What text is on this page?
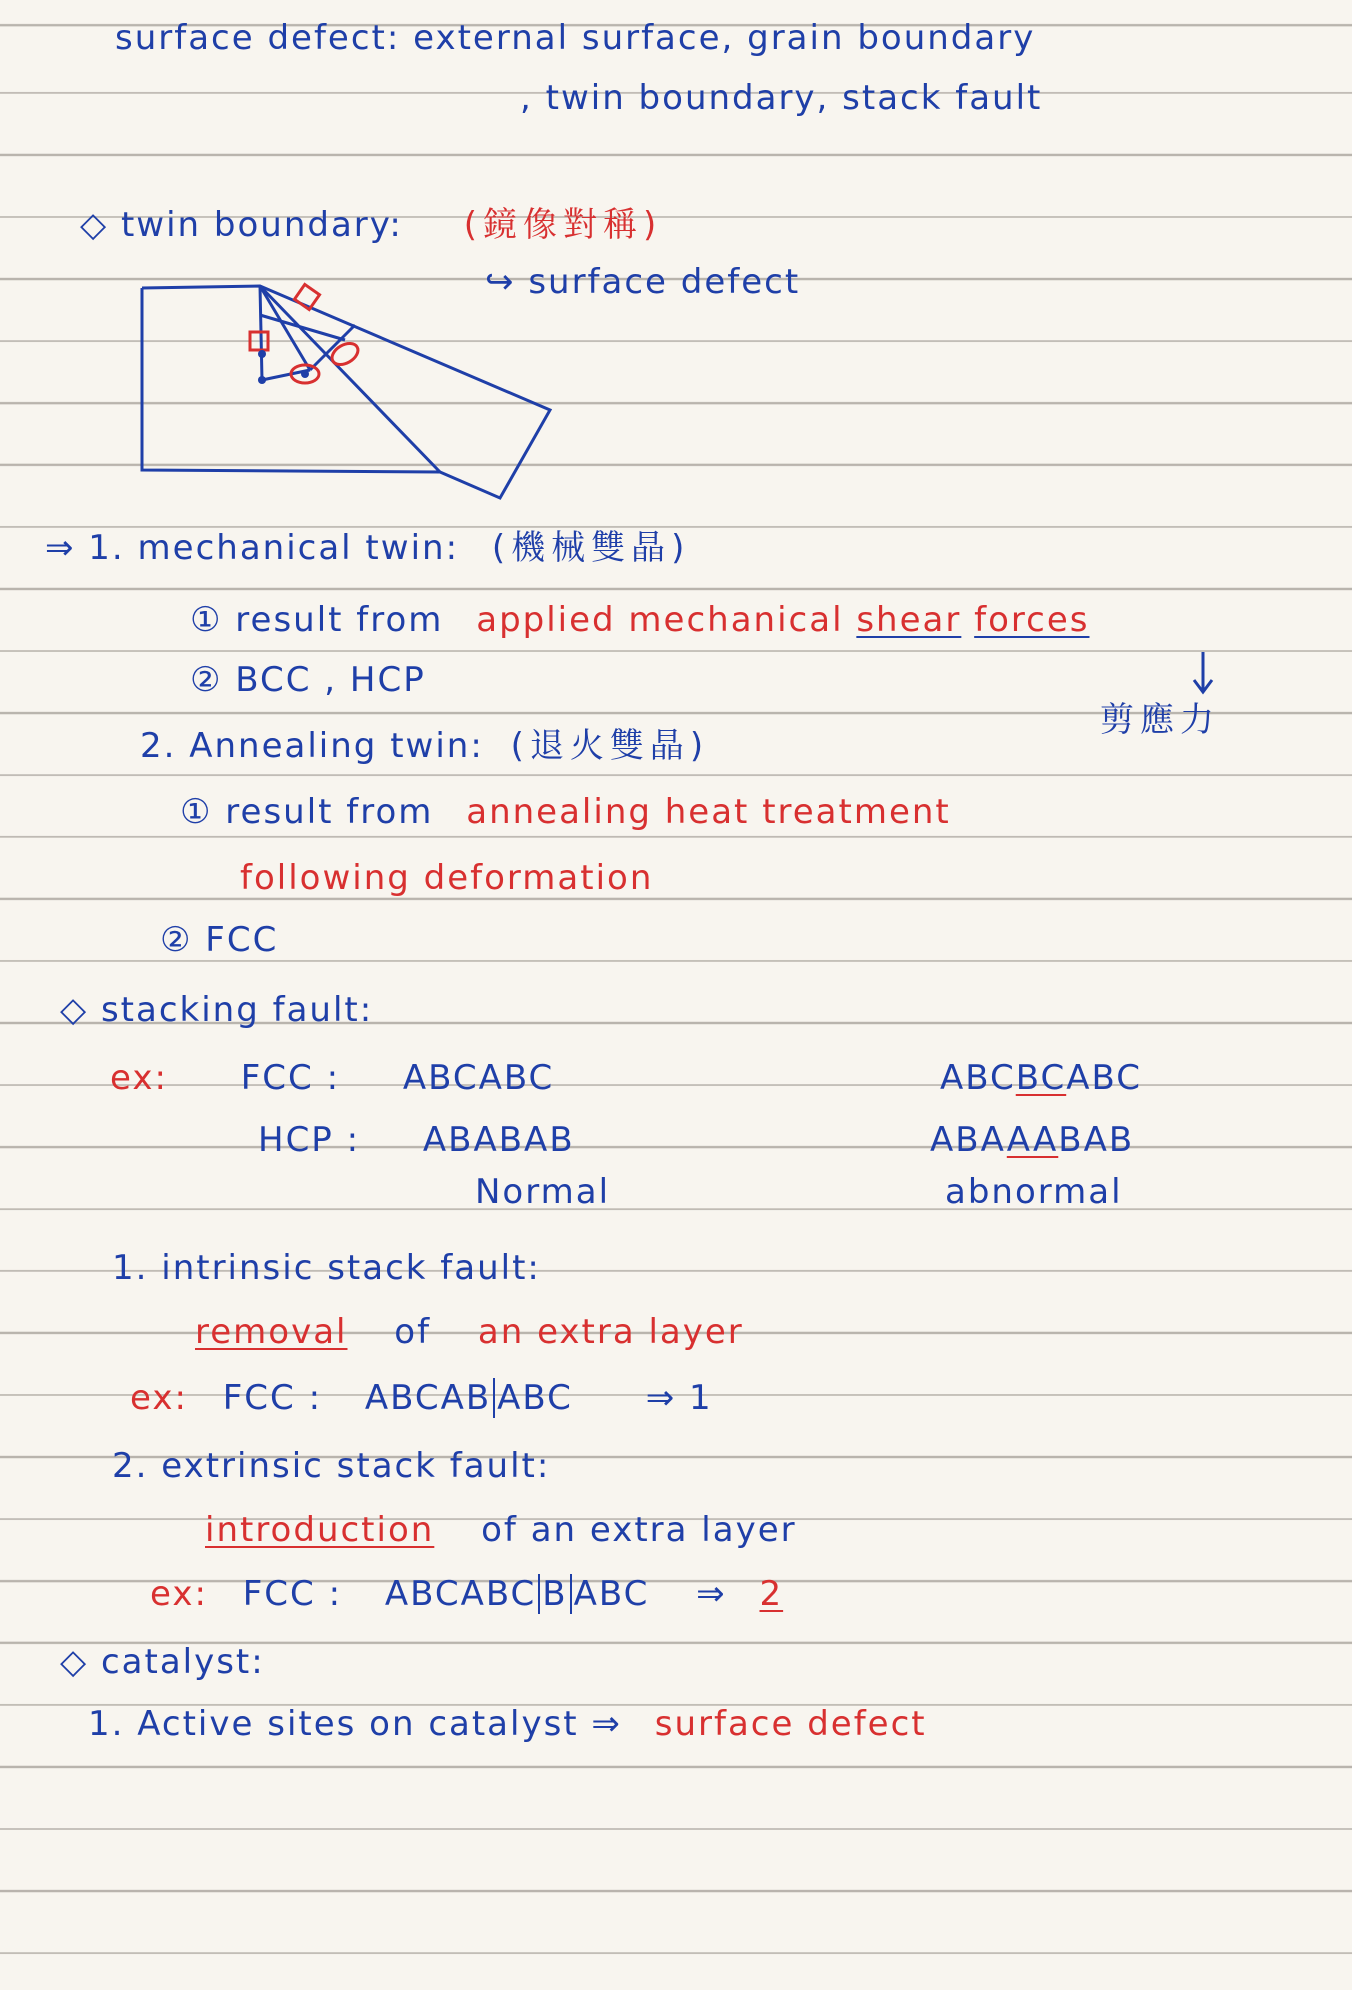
surface defect: external surface, grain boundary
, twin boundary, stack fault
◇ twin boundary: (鏡像對稱)
↪ surface defect
⇒ 1. mechanical twin: (機械雙晶)
① result from applied mechanical shear forces
② BCC , HCP
剪應力
2. Annealing twin: (退火雙晶)
① result from annealing heat treatment
following deformation
② FCC
◇ stacking fault:
ex: FCC : ABCABC	ABCBCABC
HCP : ABABAB	ABAAABAB
Normal	abnormal
1. intrinsic stack fault:
removal of an extra layer
ex: FCC : ABCAB ABC ⇒ 1
2. extrinsic stack fault:
introduction of an extra layer
ex: FCC : ABCABC B ABC ⇒ 2
◇ catalyst:
1. Active sites on catalyst ⇒ surface defect
